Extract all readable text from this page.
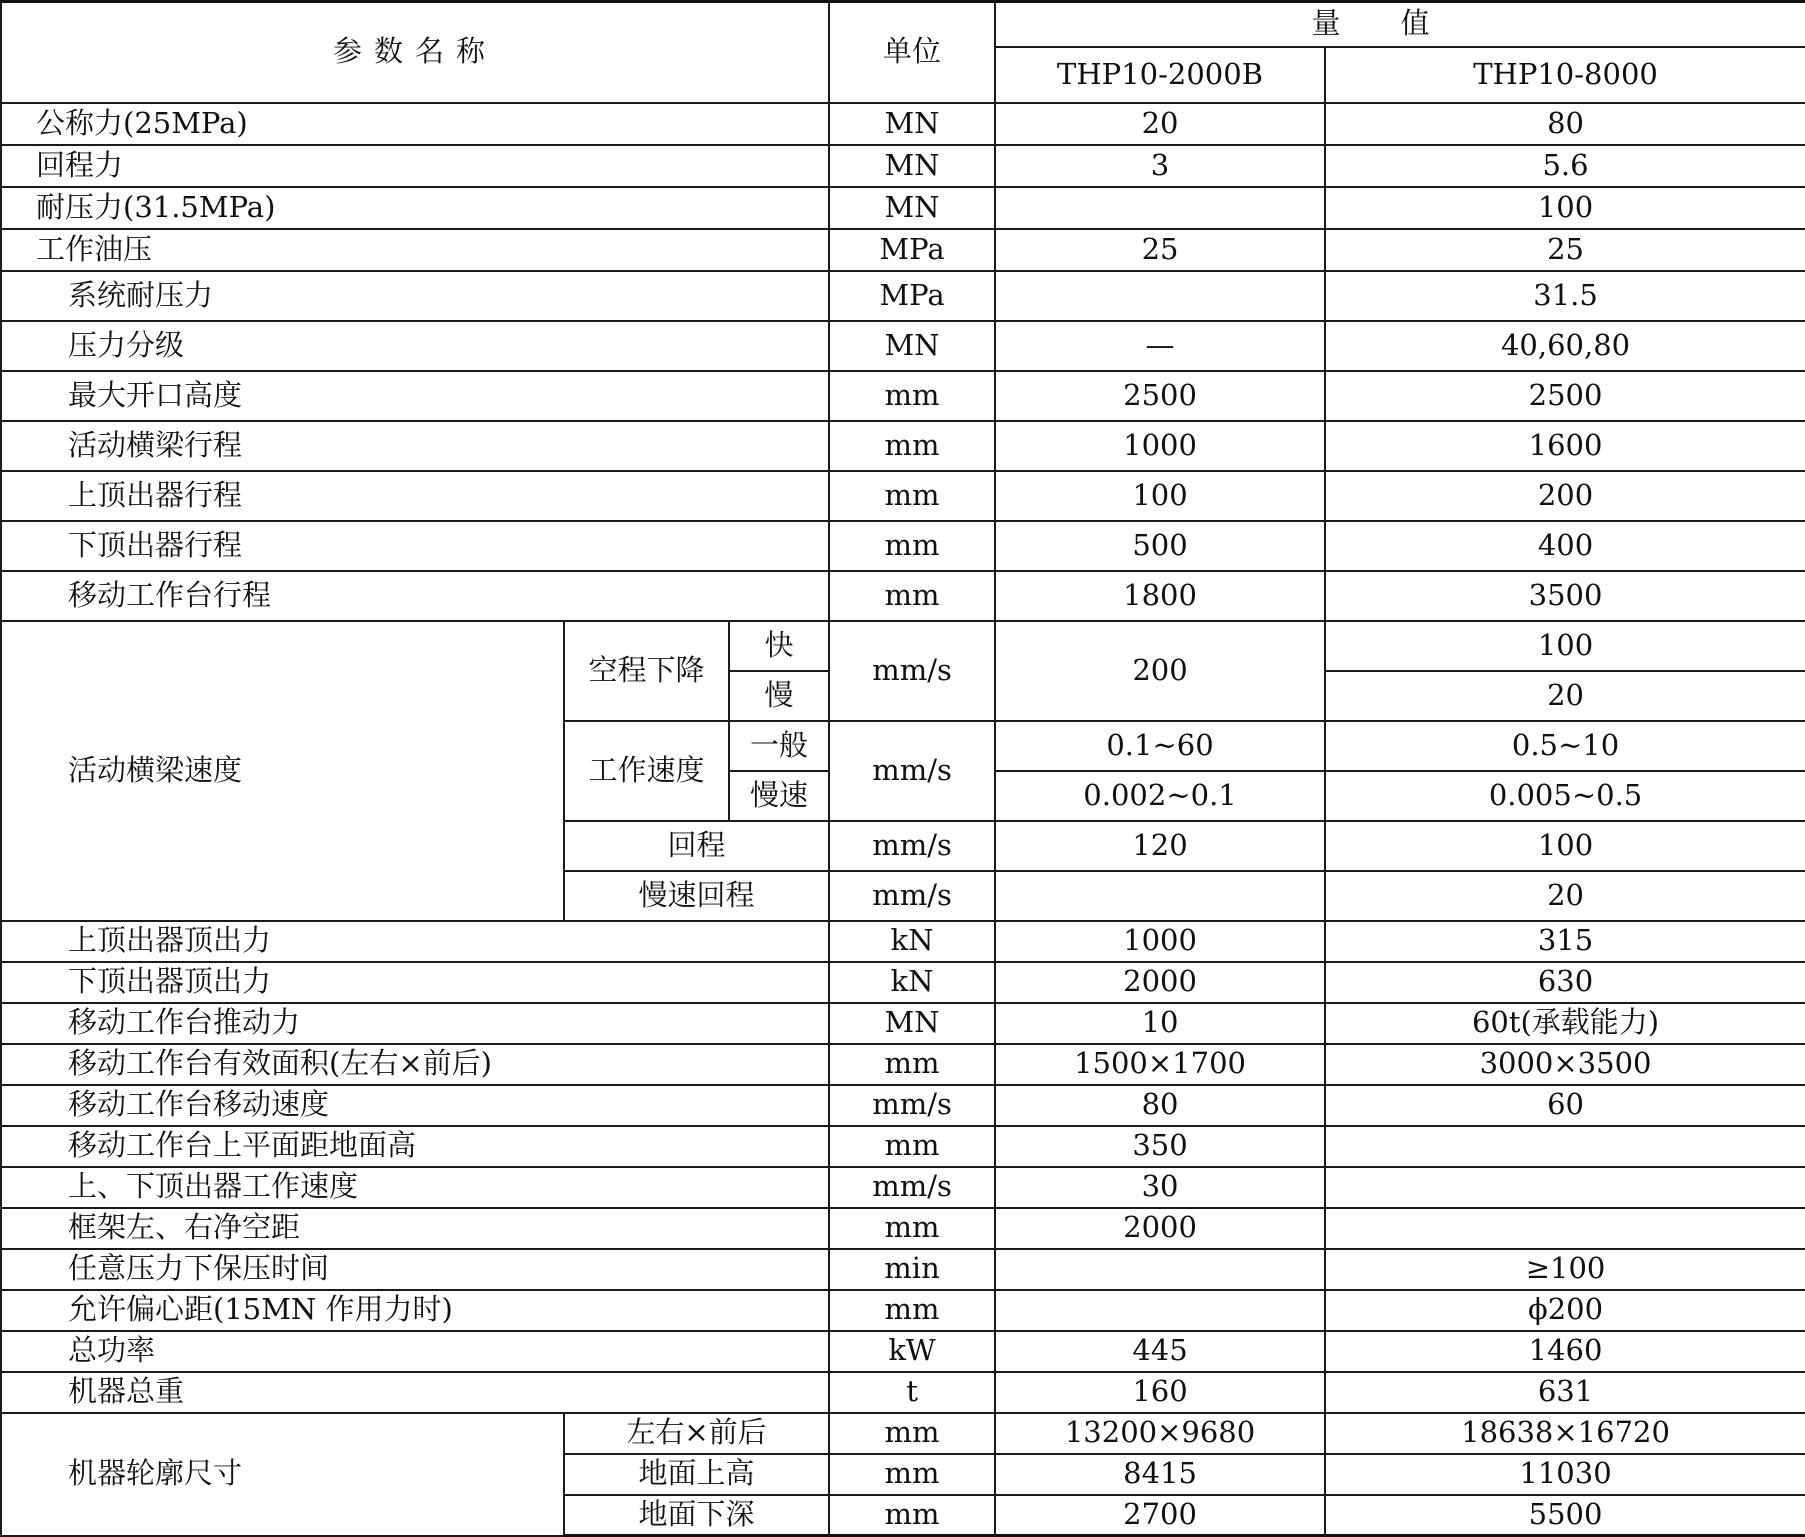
参数名称			单位	量值	
				THP10-2000B	THP10-8000
公称力(25MPa)			MN	20	80
回程力			MN	3	5.6
耐压力(31.5MPa)			MN		100
工作油压			MPa	25	25
系统耐压力			MPa		31.5
压力分级			MN	—	40,60,80
最大开口高度			mm	2500	2500
活动横梁行程			mm	1000	1600
上顶出器行程			mm	100	200
下顶出器行程			mm	500	400
移动工作台行程			mm	1800	3500
活动横梁速度	空程下降	快	mm/s	200	100
		慢			20
	工作速度	一般	mm/s	0.1~60	0.5~10
		慢速		0.002~0.1	0.005~0.5
	回程		mm/s	120	100
	慢速回程		mm/s		20
上顶出器顶出力			kN	1000	315
下顶出器顶出力			kN	2000	630
移动工作台推动力			MN	10	60t(承载能力)
移动工作台有效面积(左右×前后)			mm	1500×1700	3000×3500
移动工作台移动速度			mm/s	80	60
移动工作台上平面距地面高			mm	350	
上、下顶出器工作速度			mm/s	30	
框架左、右净空距			mm	2000	
任意压力下保压时间			min		≥100
允许偏心距(15MN 作用力时)			mm		ϕ200
总功率			kW	445	1460
机器总重			t	160	631
机器轮廓尺寸	左右×前后		mm	13200×9680	18638×16720
	地面上高		mm	8415	11030
	地面下深		mm	2700	5500
